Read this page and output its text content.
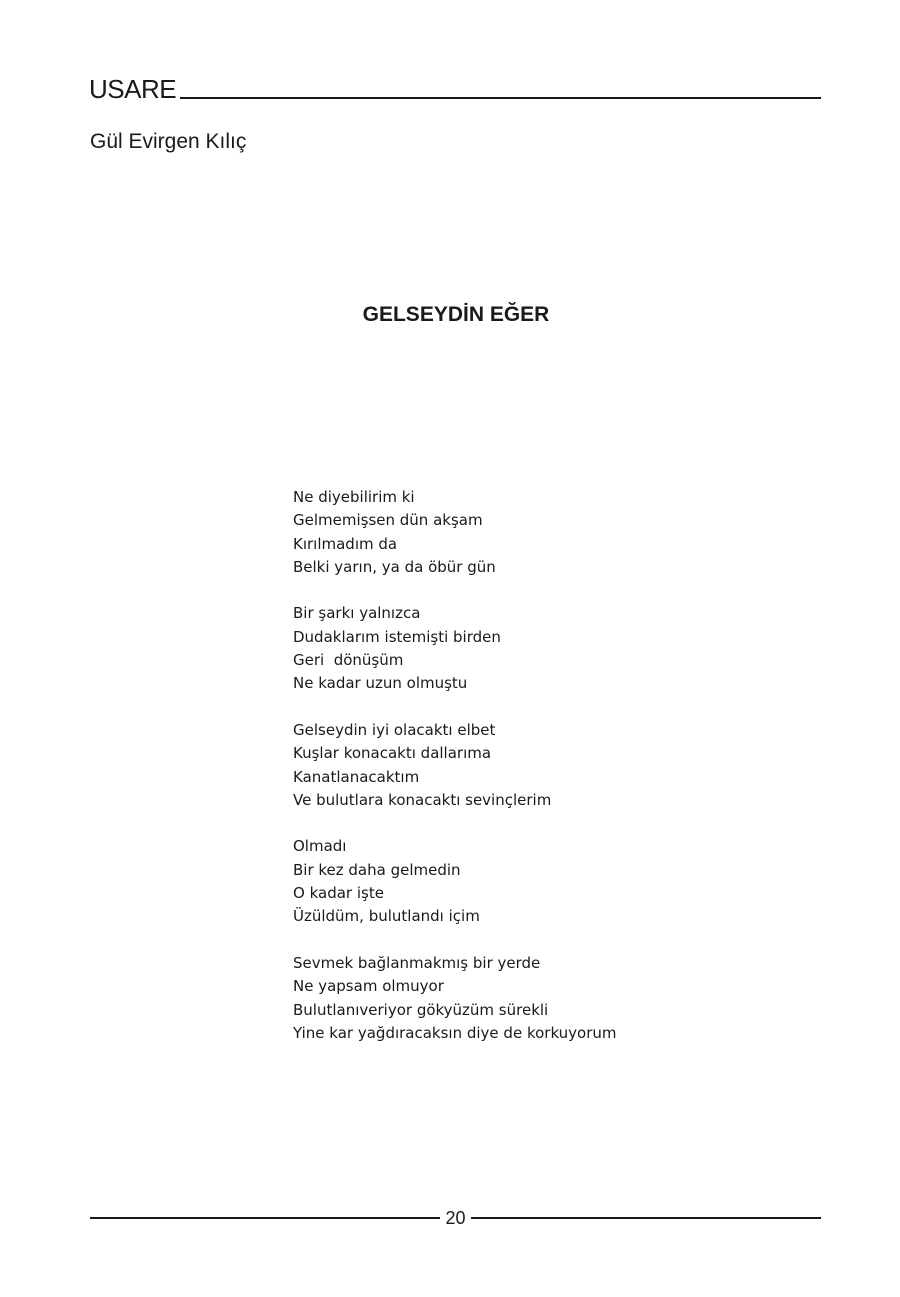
USARE
Gül Evirgen Kılıç
GELSEYDİN EĞER
Ne diyebilirim ki
Gelmemişsen dün akşam
Kırılmadım da
Belki yarın, ya da öbür gün
Bir şarkı yalnızca
Dudaklarım istemişti birden
Geri  dönüşüm
Ne kadar uzun olmuştu
Gelseydin iyi olacaktı elbet
Kuşlar konacaktı dallarıma
Kanatlanacaktım
Ve bulutlara konacaktı sevinçlerim
Olmadı
Bir kez daha gelmedin
O kadar işte
Üzüldüm, bulutlandı içim
Sevmek bağlanmakmış bir yerde
Ne yapsam olmuyor
Bulutlanıveriyor gökyüzüm sürekli
Yine kar yağdıracaksın diye de korkuyorum
20
